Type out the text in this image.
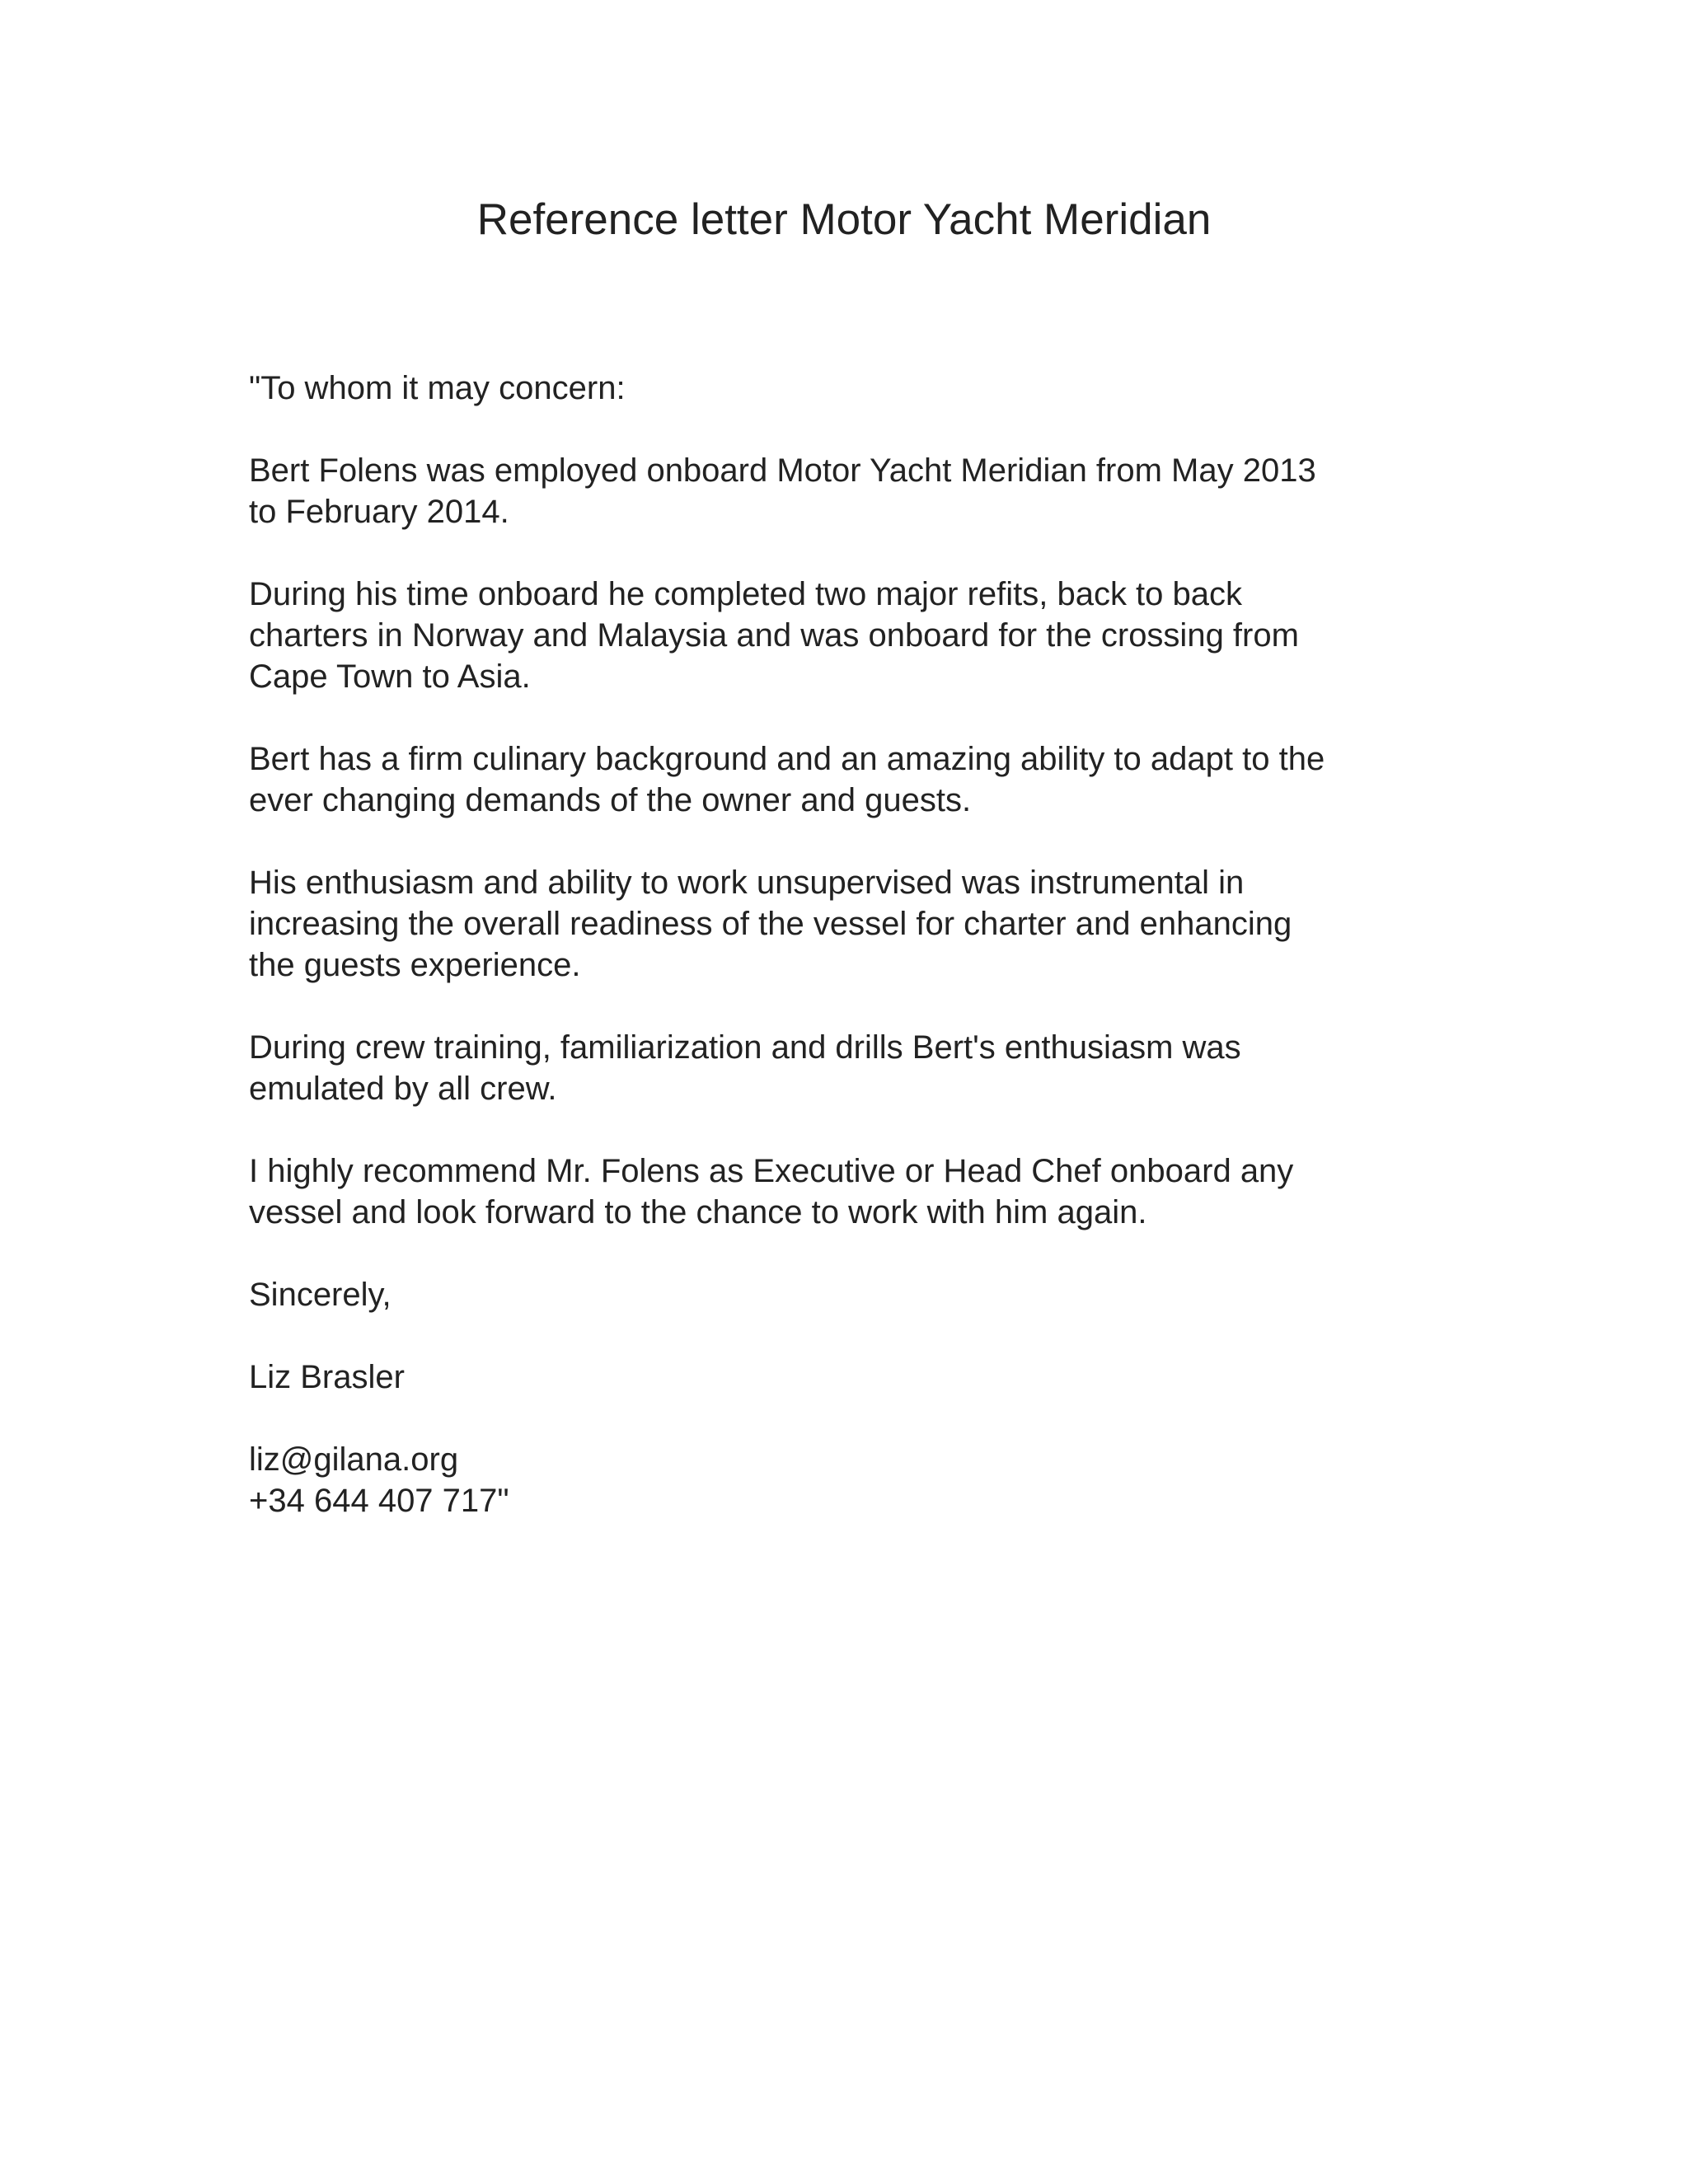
Reference letter Motor Yacht Meridian

"To whom it may concern:

Bert Folens was employed onboard Motor Yacht Meridian from May 2013
to February 2014.

During his time onboard he completed two major refits, back to back
charters in Norway and Malaysia and was onboard for the crossing from
Cape Town to Asia.

Bert has a firm culinary background and an amazing ability to adapt to the
ever changing demands of the owner and guests.

His enthusiasm and ability to work unsupervised was instrumental in
increasing the overall readiness of the vessel for charter and enhancing
the guests experience.

During crew training, familiarization and drills Bert's enthusiasm was
emulated by all crew.

I highly recommend Mr. Folens as Executive or Head Chef onboard any
vessel and look forward to the chance to work with him again.

Sincerely,

Liz Brasler

liz@gilana.org
+34 644 407 717"
